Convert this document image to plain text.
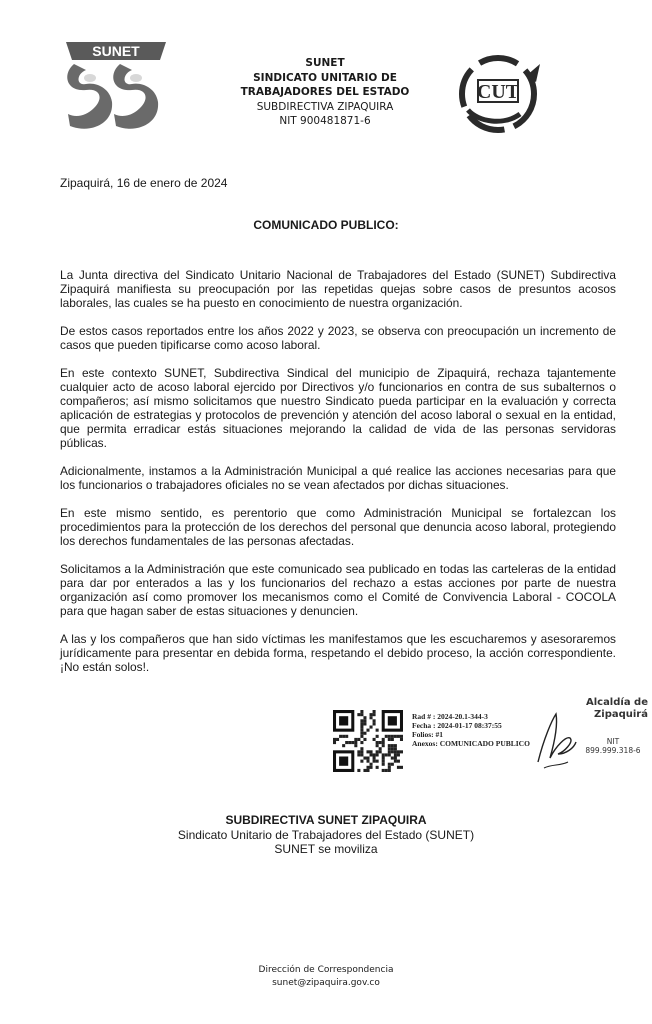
SUNET
SUNET
SINDICATO UNITARIO DE
TRABAJADORES DEL ESTADO
SUBDIRECTIVA ZIPAQUIRA
NIT 900481871-6
CUT
Zipaquirá, 16 de enero de 2024
COMUNICADO PUBLICO:

La Junta directiva del Sindicato Unitario Nacional de Trabajadores del Estado (SUNET) Subdirectiva Zipaquirá manifiesta su preocupación por las repetidas quejas sobre casos de presuntos acosos laborales, las cuales se ha puesto en conocimiento de nuestra organización.

De estos casos reportados entre los años 2022 y 2023, se observa con preocupación un incremento de casos que pueden tipificarse como acoso laboral.

En este contexto SUNET, Subdirectiva Sindical del municipio de Zipaquirá, rechaza tajantemente cualquier acto de acoso laboral ejercido por Directivos y/o funcionarios en contra de sus subalternos o compañeros; así mismo solicitamos que nuestro Sindicato pueda participar en la evaluación y correcta aplicación de estrategias y protocolos de prevención y atención del acoso laboral o sexual en la entidad, que permita erradicar estás situaciones mejorando la calidad de vida de las personas servidoras públicas.

Adicionalmente, instamos a la Administración Municipal a qué realice las acciones necesarias para que los funcionarios o trabajadores oficiales no se vean afectados por dichas situaciones.

En este mismo sentido, es perentorio que como Administración Municipal se fortalezcan los procedimientos para la protección de los derechos del personal que denuncia acoso laboral, protegiendo los derechos fundamentales de las personas afectadas.

Solicitamos a la Administración que este comunicado sea publicado en todas las carteleras de la entidad para dar por enterados a las y los funcionarios del rechazo a estas acciones por parte de nuestra organización así como promover los mecanismos como el Comité de Convivencia Laboral - COCOLA para que hagan saber de estas situaciones y denuncien.

A las y los compañeros que han sido víctimas les manifestamos que les escucharemos y asesoraremos jurídicamente para presentar en debida forma, respetando el debido proceso, la acción correspondiente. ¡No están solos!.

Rad # : 2024-20.1-344-3
Fecha : 2024-01-17 08:37:55
Folios: #1
Anexos: COMUNICADO PUBLICO
Alcaldía de
Zipaquirá
NIT
899.999.318-6
SUBDIRECTIVA SUNET ZIPAQUIRA
Sindicato Unitario de Trabajadores del Estado (SUNET)
SUNET se moviliza
Dirección de Correspondencia
sunet@zipaquira.gov.co
